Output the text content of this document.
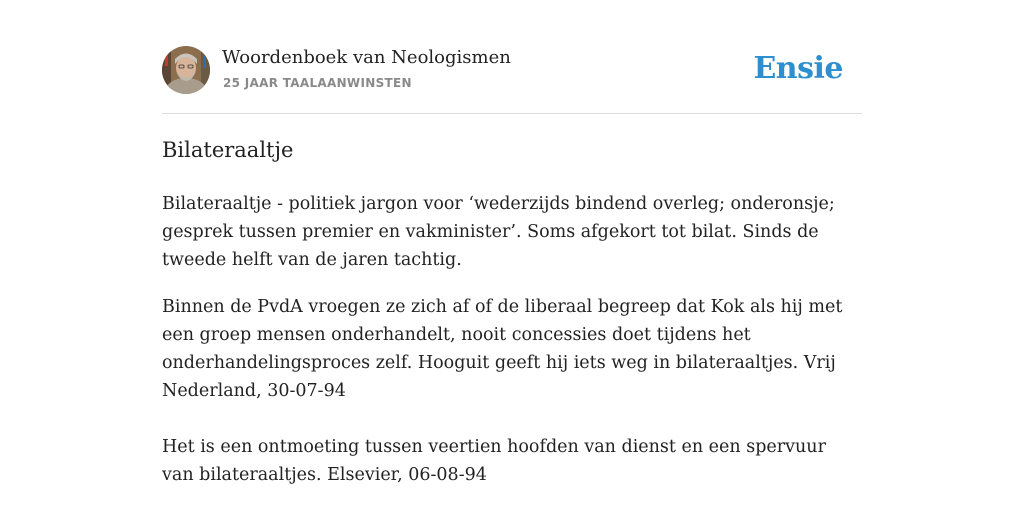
Woordenboek van Neologismen
25 JAAR TAALAANWINSTEN	Ensie
Bilateraaltje

Bilateraaltje - politiek jargon voor ‘wederzijds bindend overleg; onderonsje; gesprek tussen premier en vakminister’. Soms afgekort tot bilat. Sinds de tweede helft van de jaren tachtig.

Binnen de PvdA vroegen ze zich af of de liberaal begreep dat Kok als hij met een groep mensen onderhandelt, nooit concessies doet tijdens het onderhandelingsproces zelf. Hooguit geeft hij iets weg in bilateraaltjes. Vrij Nederland, 30-07-94

Het is een ontmoeting tussen veertien hoofden van dienst en een spervuur van bilateraaltjes. Elsevier, 06-08-94
